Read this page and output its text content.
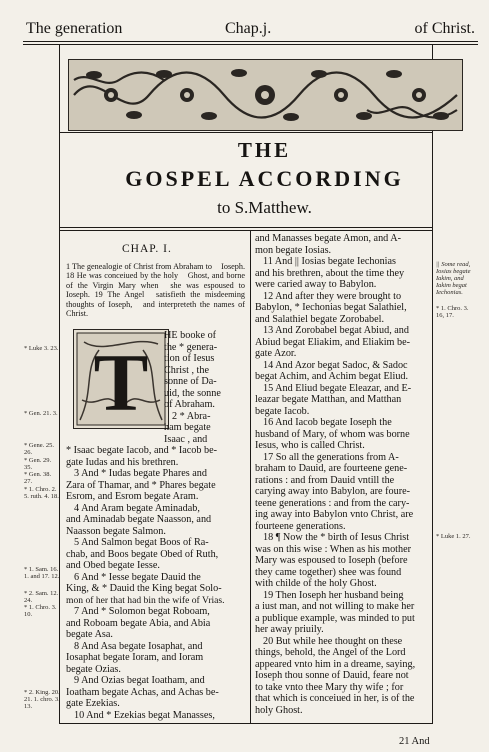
The generation	Chap.j.	of Christ.
THE
GOSPEL ACCORDING
to S.Matthew.
CHAP. I.
1 The genealogie of Christ from Abraham to Ioseph. 18 He was conceiued by the holy Ghost, and borne of the Virgin Mary when she was espoused to Ioseph. 19 The Angel satisfieth the misdeeming thoughts of Ioseph, and interpreteth the names of Christ.
T
HE booke of
the * genera-
tion of Iesus
Christ , the
sonne of Da-
uid, the sonne
of Abraham.
2 * Abra-
ham begate
Isaac , and
* Isaac begate Iacob, and * Iacob be-
gate Iudas and his brethren.
3 And * Iudas begate Phares and
Zara of Thamar, and * Phares begate
Esrom, and Esrom begate Aram.
4 And Aram begate Aminadab,
and Aminadab begate Naasson, and
Naasson begate Salmon.
5 And Salmon begat Boos of Ra-
chab, and Boos begate Obed of Ruth,
and Obed begate Iesse.
6 And * Iesse begate Dauid the
King, & * Dauid the King begat Solo-
mon of her that had bin the wife of Vrias.
7 And * Solomon begat Roboam,
and Roboam begate Abia, and Abia
begate Asa.
8 And Asa begate Iosaphat, and
Iosaphat begate Ioram, and Ioram
begate Ozias.
9 And Ozias begat Ioatham, and
Ioatham begate Achas, and Achas be-
gate Ezekias.
10 And * Ezekias begat Manasses,
and Manasses begate Amon, and A-
mon begate Iosias.
11 And || Iosias begate Iechonias
and his brethren, about the time they
were caried away to Babylon.
12 And after they were brought to
Babylon, * Iechonias begat Salathiel,
and Salathiel begate Zorobabel.
13 And Zorobabel begat Abiud, and
Abiud begat Eliakim, and Eliakim be-
gate Azor.
14 And Azor begat Sadoc, & Sadoc
begat Achim, and Achim begat Eliud.
15 And Eliud begate Eleazar, and E-
leazar begate Matthan, and Matthan
begate Iacob.
16 And Iacob begate Ioseph the
husband of Mary, of whom was borne
Iesus, who is called Christ.
17 So all the generations from A-
braham to Dauid, are fourteene gene-
rations : and from Dauid vntill the
carying away into Babylon, are foure-
teene generations : and from the cary-
ing away into Babylon vnto Christ, are
fourteene generations.
18 ¶ Now the * birth of Iesus Christ
was on this wise : When as his mother
Mary was espoused to Ioseph (before
they came together) shee was found
with childe of the holy Ghost.
19 Then Ioseph her husband being
a iust man, and not willing to make her
a publique example, was minded to put
her away priuily.
20 But while hee thought on these
things, behold, the Angel of the Lord
appeared vnto him in a dreame, saying,
Ioseph thou sonne of Dauid, feare not
to take vnto thee Mary thy wife ; for
that which is conceiued in her, is of the
holy Ghost.
21 And
* Luke 3. 23.
* Gen. 21. 3.
* Gene. 25. 26.
* Gen. 29. 35.
* Gen. 38. 27.
* 1. Chro. 2. 5. ruth. 4. 18.
* 1. Sam. 16. 1. and 17. 12.
* 2. Sam. 12. 24.
* 1. Chro. 3. 10.
* 2. King. 20. 21. 1. chro. 3. 13.
|| Some read, Iosias begate Iakim, and Iakim begat Iechonias.
* 1. Chro. 3. 16, 17.
* Luke 1. 27.
